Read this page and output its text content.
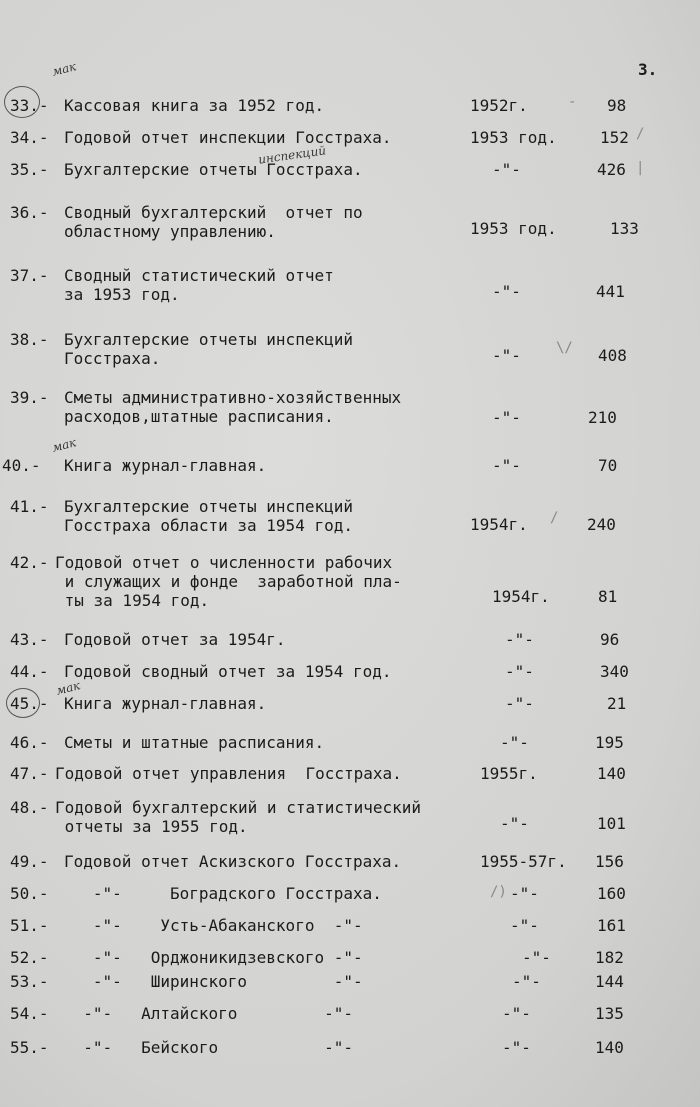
3.
мак
инспекций
мак
мак
33.- Кассовая книга за 1952 год.	1952г.	98
34.- Годовой отчет инспекции Госстраха.	1953 год.	152
35.- Бухгалтерские отчеты Госстраха.	-"-	426
36.- Сводный бухгалтерский  отчет по
областному управлению.	1953 год.	133
37.- Сводный статистический отчет
за 1953 год.	-"-	441
38.- Бухгалтерские отчеты инспекций
Госстраха.	-"-	408
39.- Сметы административно-хозяйственных
расходов,штатные расписания.	-"-	210
40.- Книга журнал-главная.	-"-	70
41.- Бухгалтерские отчеты инспекций
Госстраха области за 1954 год.	1954г.	240
42.- Годовой отчет о численности рабочих
и служащих и фонде  заработной пла-
ты за 1954 год.	1954г.	81
43.- Годовой отчет за 1954г.	-"-	96
44.- Годовой сводный отчет за 1954 год.	-"-	340
45.- Книга журнал-главная.	-"-	21
46.- Сметы и штатные расписания.	-"-	195
47.- Годовой отчет управления  Госстраха.	1955г.	140
48.- Годовой бухгалтерский и статистический
отчеты за 1955 год.	-"-	101
49.- Годовой отчет Аскизского Госстраха.	1955-57г. 156
50.- -"-     Боградского Госстраха.	-"-	160
51.- -"-    Усть-Абаканского  -"-	-"-	161
52.- -"-   Орджоникидзевского -"-	-"-	182
53.- -"-   Ширинского         -"-	-"-	144
54.- -"-   Алтайского         -"-	-"-	135
55.- -"-   Бейского           -"-	-"-	140
-
/
|
\/
/
/)
